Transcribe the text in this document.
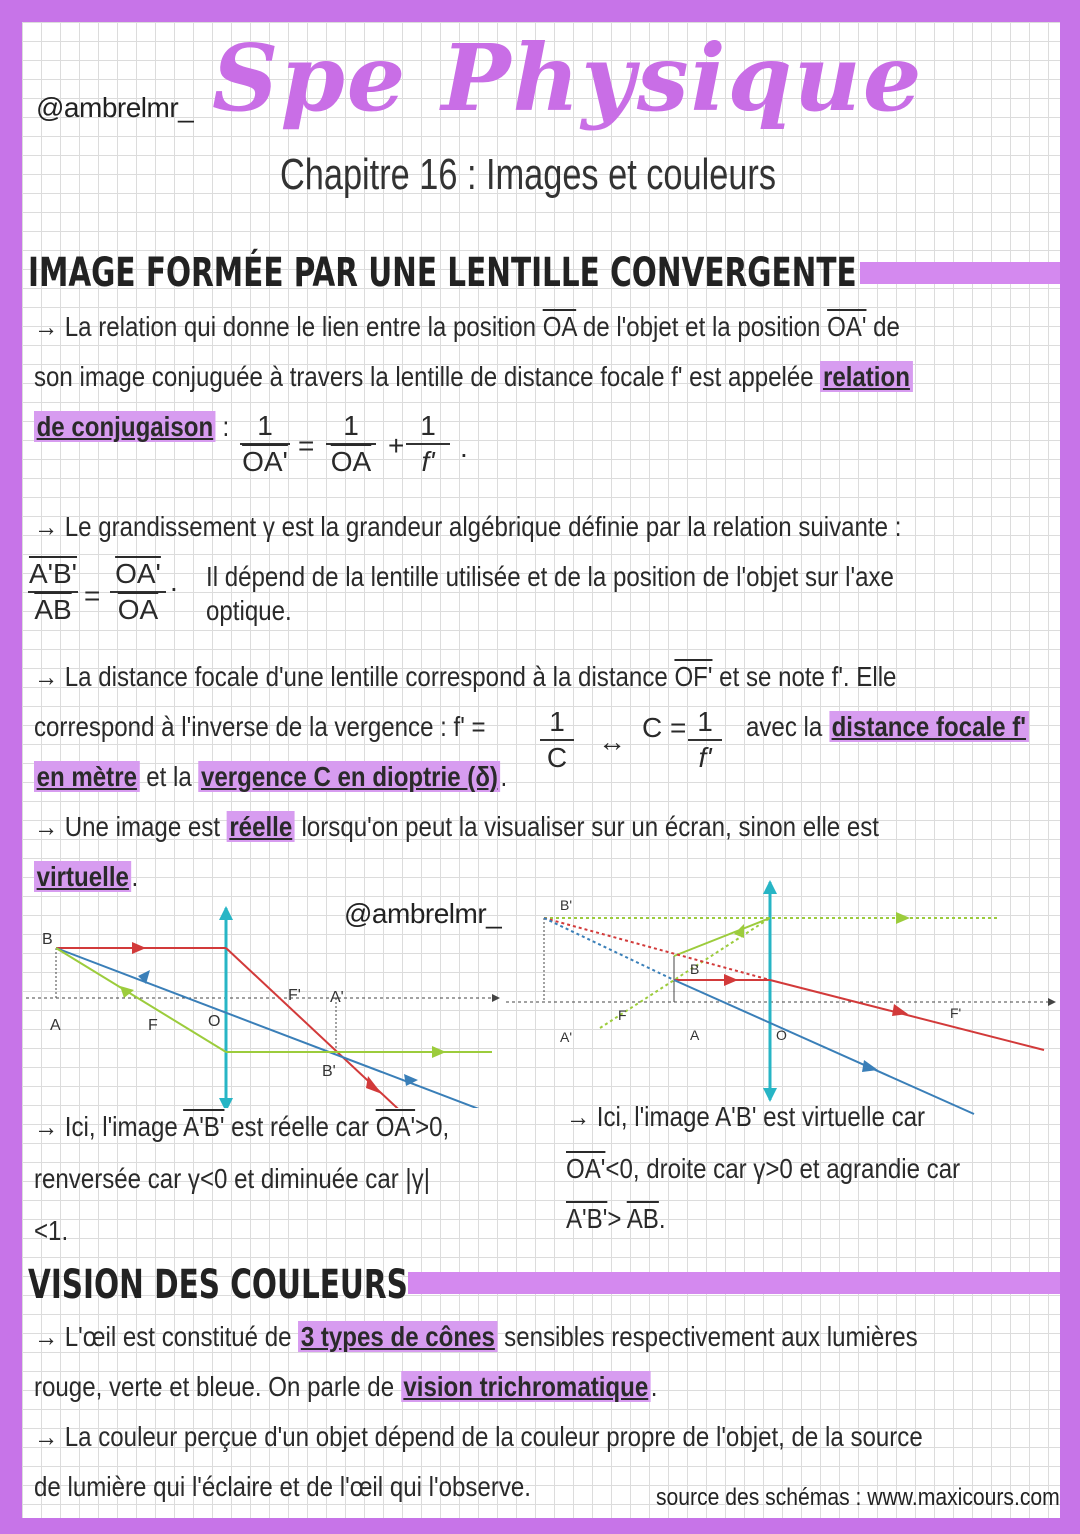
@ambrelmr_ Spe Physique
Chapitre 16 : Images et couleurs
IMAGE FORMÉE PAR UNE LENTILLE CONVERGENTE
→ La relation qui donne le lien entre la position $\overline{OA}$ de l'objet et la position OA' de
son image conjuguée à travers la lentille de distance focale f' est appelée relation
de conjugaison : $\frac{1}{OA'} = \frac{1}{OA}$ +
1
f' .
→ Le grandissement γ est la grandeur algébrique définie par la relation suivante :
$\frac{A'B'}{AB} = \frac{OA'}{OA}$ . Il dépend de la lentille utilisée et de la position de l'objet sur l'axe
optique.
→ La distance focale d'une lentille correspond à la distance OF' et se note f'. Elle
correspond à l'inverse de la vergence : f' =	1
C
↔ C = 1
f'
avec la distance focale f'
en mètre et la vergence C en dioptrie (δ).
→ Une image est réelle lorsqu'on peut la visualiser sur un écran, sinon elle est
virtuelle.
@ambrelmr_
B
A	F	O
F' A'
B'
B'
A'
F
B
A	O
F'
→ Ici, l'image A'B' est réelle car OA'>0,
renversée car γ<0 et diminuée car |γ|
<1.
→ Ici, l'image A'B' est virtuelle car
OA'<0, droite car γ>0 et agrandie car
$A'B'> \overline{AB}$.
VISION DES COULEURS
→ L'œil est constitué de 3 types de cônes sensibles respectivement aux lumières
rouge, verte et bleue. On parle de vision trichromatique.
→ La couleur perçue d'un objet dépend de la couleur propre de l'objet, de la source
de lumière qui l'éclaire et de l'œil qui l'observe.	source des schémas : www.maxicours.com
